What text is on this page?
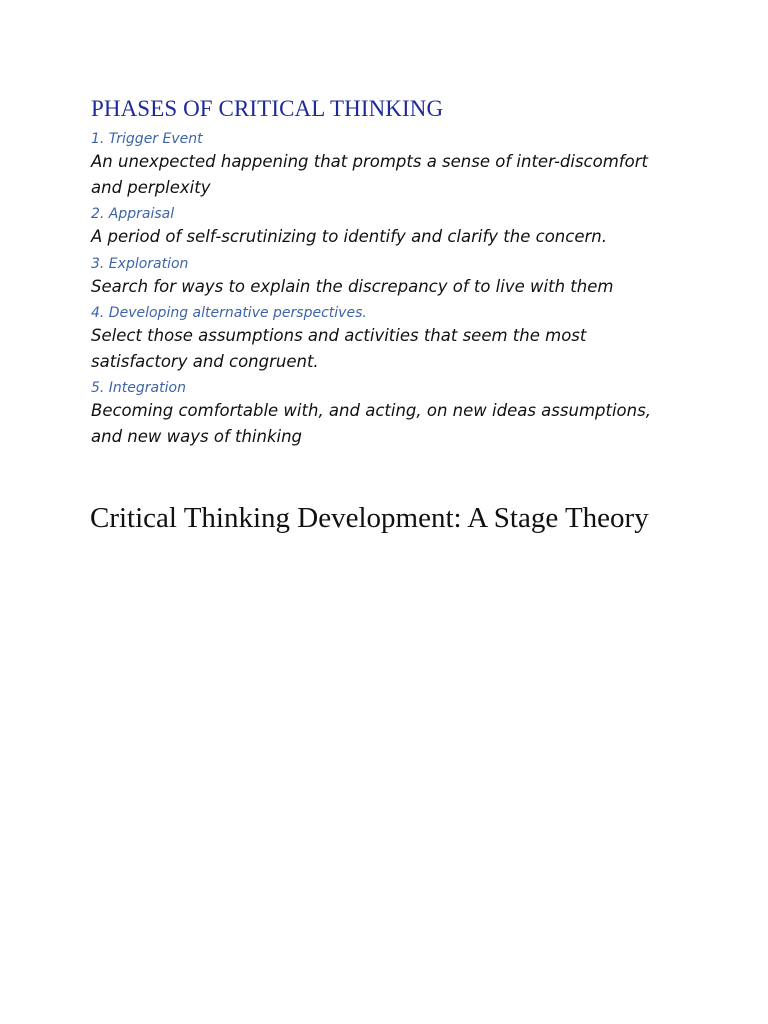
PHASES OF CRITICAL THINKING

1. Trigger Event

An unexpected happening that prompts a sense of inter-discomfort and perplexity

2. Appraisal

A period of self-scrutinizing to identify and clarify the concern.

3. Exploration

Search for ways to explain the discrepancy of to live with them

4. Developing alternative perspectives.

Select those assumptions and activities that seem the most satisfactory and congruent.

5. Integration

Becoming comfortable with, and acting, on new ideas assumptions, and new ways of thinking

Critical Thinking Development: A Stage Theory
